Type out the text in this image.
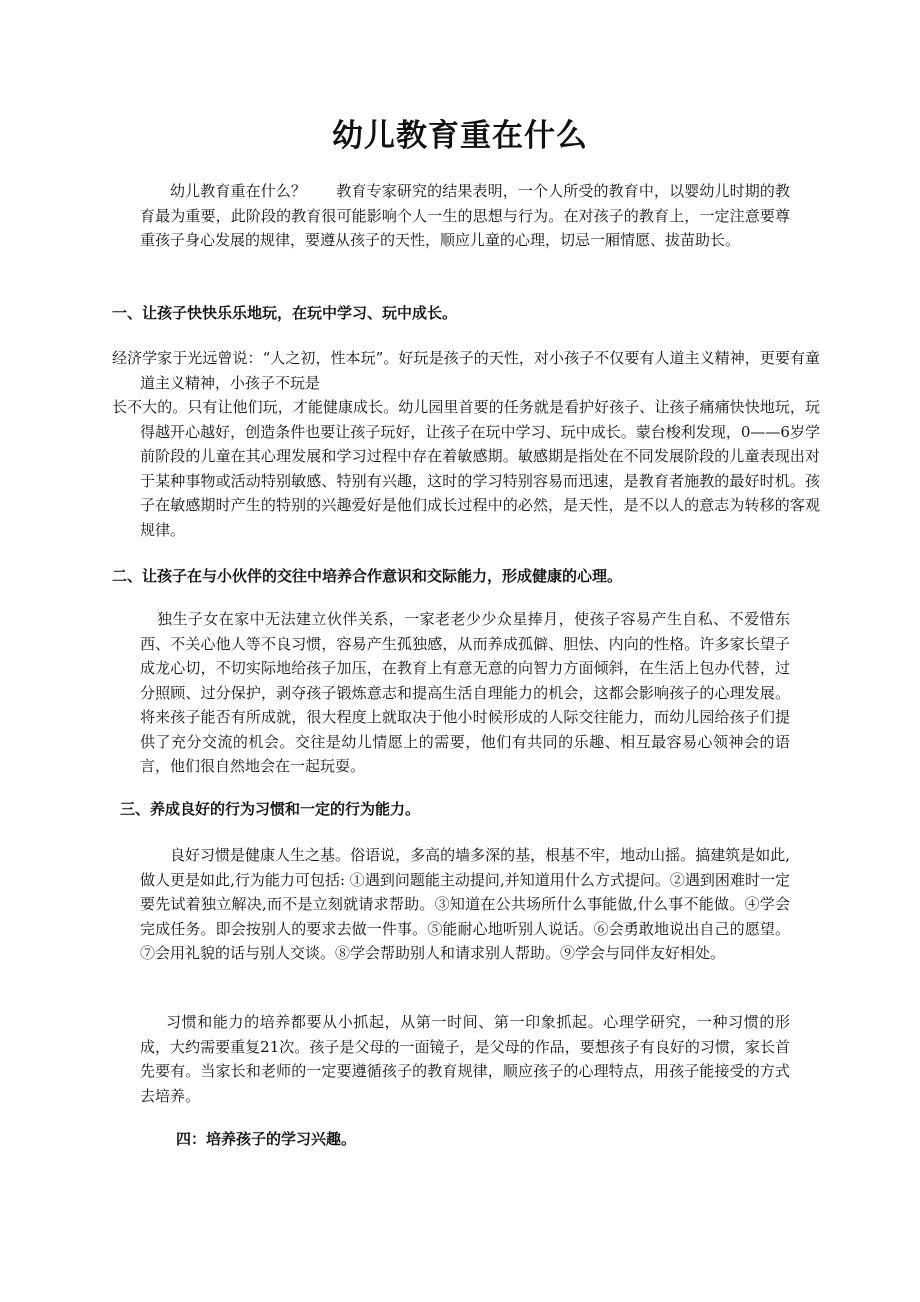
幼儿教育重在什么

幼儿教育重在什么？　　教育专家研究的结果表明，一个人所受的教育中，以婴幼儿时期的教育最为重要，此阶段的教育很可能影响个人一生的思想与行为。在对孩子的教育上，一定注意要尊重孩子身心发展的规律，要遵从孩子的天性，顺应儿童的心理，切忌一厢情愿、拔苗助长。

一、让孩子快快乐乐地玩，在玩中学习、玩中成长。

经济学家于光远曾说：“人之初，性本玩”。好玩是孩子的天性，对小孩子不仅要有人道主义精神，更要有童道主义精神，小孩子不玩是

长不大的。只有让他们玩，才能健康成长。幼儿园里首要的任务就是看护好孩子、让孩子痛痛快快地玩，玩得越开心越好，创造条件也要让孩子玩好，让孩子在玩中学习、玩中成长。蒙台梭利发现，0——6岁学前阶段的儿童在其心理发展和学习过程中存在着敏感期。敏感期是指处在不同发展阶段的儿童表现出对于某种事物或活动特别敏感、特别有兴趣，这时的学习特别容易而迅速，是教育者施教的最好时机。孩子在敏感期时产生的特别的兴趣爱好是他们成长过程中的必然，是天性，是不以人的意志为转移的客观规律。

二、让孩子在与小伙伴的交往中培养合作意识和交际能力，形成健康的心理。

独生子女在家中无法建立伙伴关系，一家老老少少众星捧月，使孩子容易产生自私、不爱惜东西、不关心他人等不良习惯，容易产生孤独感，从而养成孤僻、胆怯、内向的性格。许多家长望子成龙心切，不切实际地给孩子加压，在教育上有意无意的向智力方面倾斜，在生活上包办代替，过分照顾、过分保护，剥夺孩子锻炼意志和提高生活自理能力的机会，这都会影响孩子的心理发展。将来孩子能否有所成就，很大程度上就取决于他小时候形成的人际交往能力，而幼儿园给孩子们提供了充分交流的机会。交往是幼儿情愿上的需要，他们有共同的乐趣、相互最容易心领神会的语言，他们很自然地会在一起玩耍。

三、养成良好的行为习惯和一定的行为能力。

良好习惯是健康人生之基。俗语说，多高的墙多深的基，根基不牢，地动山摇。搞建筑是如此,做人更是如此,行为能力可包括: ①遇到问题能主动提问,并知道用什么方式提问。②遇到困难时一定要先试着独立解决,而不是立刻就请求帮助。③知道在公共场所什么事能做,什么事不能做。④学会完成任务。即会按别人的要求去做一件事。⑤能耐心地听别人说话。⑥会勇敢地说出自己的愿望。⑦会用礼貌的话与别人交谈。⑧学会帮助别人和请求别人帮助。⑨学会与同伴友好相处。

习惯和能力的培养都要从小抓起，从第一时间、第一印象抓起。心理学研究，一种习惯的形成，大约需要重复21次。孩子是父母的一面镜子，是父母的作品，要想孩子有良好的习惯，家长首先要有。当家长和老师的一定要遵循孩子的教育规律，顺应孩子的心理特点，用孩子能接受的方式去培养。

四：培养孩子的学习兴趣。
